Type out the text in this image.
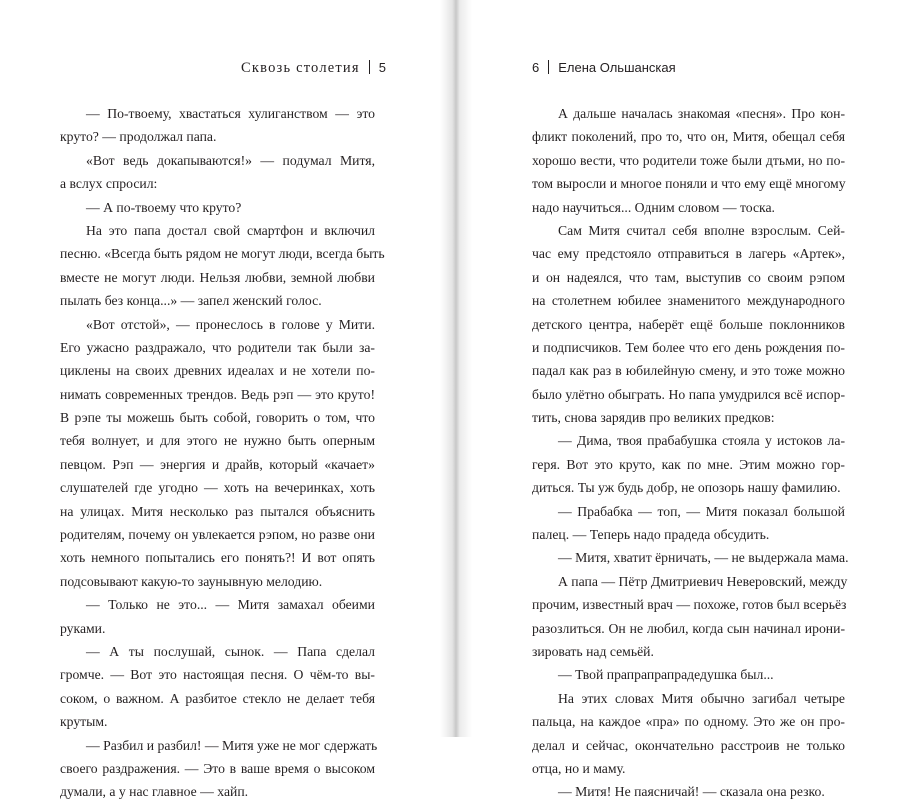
Сквозь столетия 5
— По-твоему, хвастаться хулиганством — это
круто? — продолжал папа.
«Вот ведь докапываются!» — подумал Митя,
а вслух спросил:
— А по-твоему что круто?
На это папа достал свой смартфон и включил
песню. «Всегда быть рядом не могут люди, всегда быть
вместе не могут люди. Нельзя любви, земной любви
пылать без конца...» — запел женский голос.
«Вот отстой», — пронеслось в голове у Мити.
Его ужасно раздражало, что родители так были за-
циклены на своих древних идеалах и не хотели по-
нимать современных трендов. Ведь рэп — это круто!
В рэпе ты можешь быть собой, говорить о том, что
тебя волнует, и для этого не нужно быть оперным
певцом. Рэп — энергия и драйв, который «качает»
слушателей где угодно — хоть на вечеринках, хоть
на улицах. Митя несколько раз пытался объяснить
родителям, почему он увлекается рэпом, но разве они
хоть немного попытались его понять?! И вот опять
подсовывают какую-то заунывную мелодию.
— Только не это... — Митя замахал обеими
руками.
— А ты послушай, сынок. — Папа сделал
громче. — Вот это настоящая песня. О чём-то вы-
соком, о важном. А разбитое стекло не делает тебя
крутым.
— Разбил и разбил! — Митя уже не мог сдержать
своего раздражения. — Это в ваше время о высоком
думали, а у нас главное — хайп.
6 Елена Ольшанская
А дальше началась знакомая «песня». Про кон-
фликт поколений, про то, что он, Митя, обещал себя
хорошо вести, что родители тоже были дтьми, но по-
том выросли и многое поняли и что ему ещё многому
надо научиться... Одним словом — тоска.
Сам Митя считал себя вполне взрослым. Сей-
час ему предстояло отправиться в лагерь «Артек»,
и он надеялся, что там, выступив со своим рэпом
на столетнем юбилее знаменитого международного
детского центра, наберёт ещё больше поклонников
и подписчиков. Тем более что его день рождения по-
падал как раз в юбилейную смену, и это тоже можно
было улётно обыграть. Но папа умудрился всё испор-
тить, снова зарядив про великих предков:
— Дима, твоя прабабушка стояла у истоков ла-
геря. Вот это круто, как по мне. Этим можно гор-
диться. Ты уж будь добр, не опозорь нашу фамилию.
— Прабабка — топ, — Митя показал большой
палец. — Теперь надо прадеда обсудить.
— Митя, хватит ёрничать, — не выдержала мама.
А папа — Пётр Дмитриевич Неверовский, между
прочим, известный врач — похоже, готов был всерьёз
разозлиться. Он не любил, когда сын начинал ирони-
зировать над семьёй.
— Твой прапрапрапрадедушка был...
На этих словах Митя обычно загибал четыре
пальца, на каждое «пра» по одному. Это же он про-
делал и сейчас, окончательно расстроив не только
отца, но и маму.
— Митя! Не паясничай! — сказала она резко.
